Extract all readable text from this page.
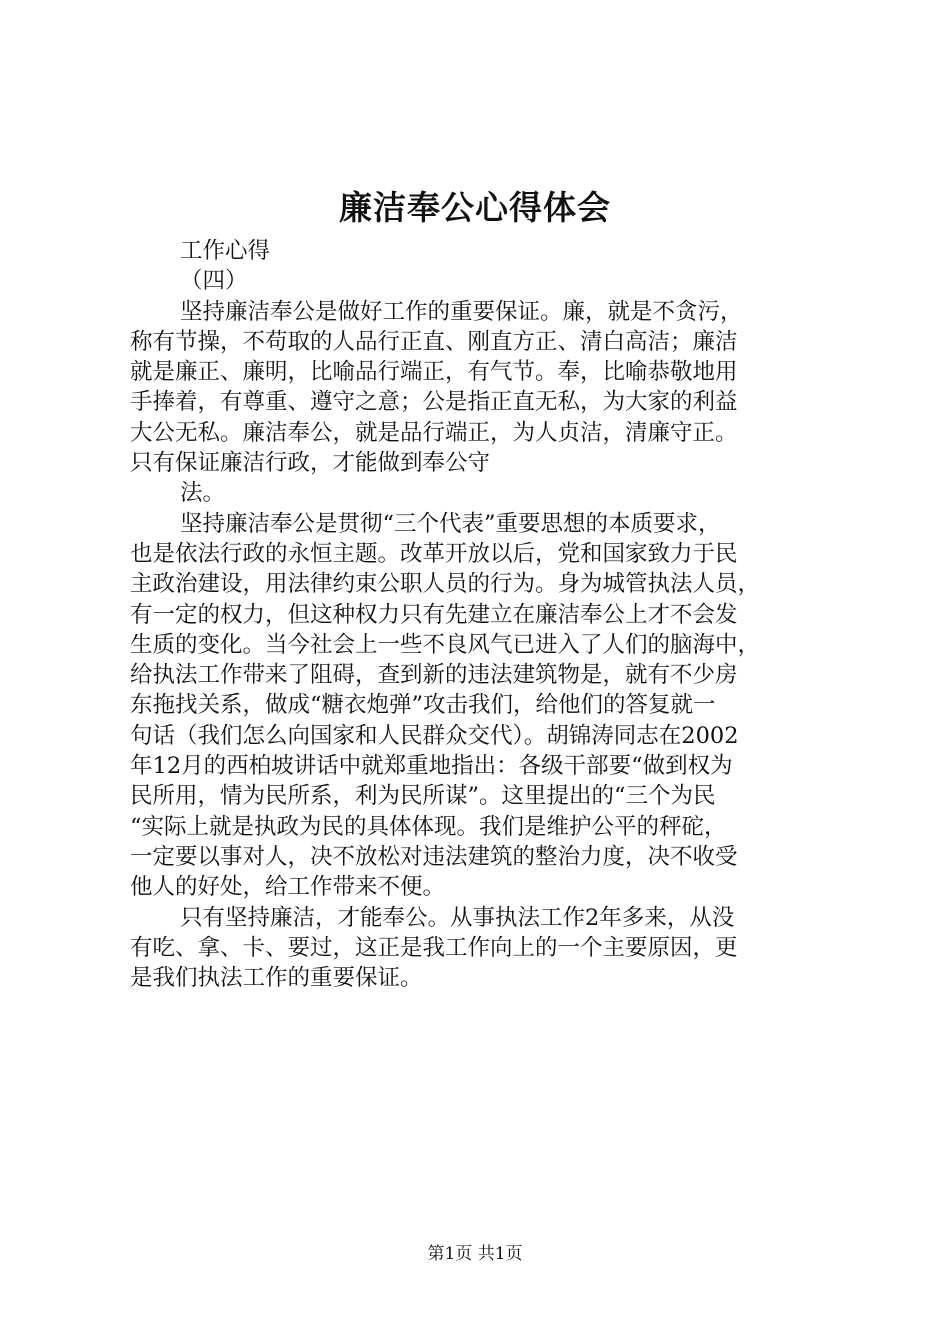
廉洁奉公心得体会
工作心得
（四）
坚持廉洁奉公是做好工作的重要保证。廉，就是不贪污，
称有节操，不苟取的人品行正直、刚直方正、清白高洁；廉洁
就是廉正、廉明，比喻品行端正，有气节。奉，比喻恭敬地用
手捧着，有尊重、遵守之意；公是指正直无私，为大家的利益
大公无私。廉洁奉公，就是品行端正，为人贞洁，清廉守正。
只有保证廉洁行政，才能做到奉公守
法。
坚持廉洁奉公是贯彻“三个代表”重要思想的本质要求，
也是依法行政的永恒主题。改革开放以后，党和国家致力于民
主政治建设，用法律约束公职人员的行为。身为城管执法人员，
有一定的权力，但这种权力只有先建立在廉洁奉公上才不会发
生质的变化。当今社会上一些不良风气已进入了人们的脑海中，
给执法工作带来了阻碍，查到新的违法建筑物是，就有不少房
东拖找关系，做成“糖衣炮弹”攻击我们，给他们的答复就一
句话（我们怎么向国家和人民群众交代）。胡锦涛同志在2002
年12月的西柏坡讲话中就郑重地指出：各级干部要“做到权为
民所用，情为民所系，利为民所谋”。这里提出的“三个为民
“实际上就是执政为民的具体体现。我们是维护公平的秤砣，
一定要以事对人，决不放松对违法建筑的整治力度，决不收受
他人的好处，给工作带来不便。
只有坚持廉洁，才能奉公。从事执法工作2年多来，从没
有吃、拿、卡、要过，这正是我工作向上的一个主要原因，更
是我们执法工作的重要保证。
第1页 共1页
